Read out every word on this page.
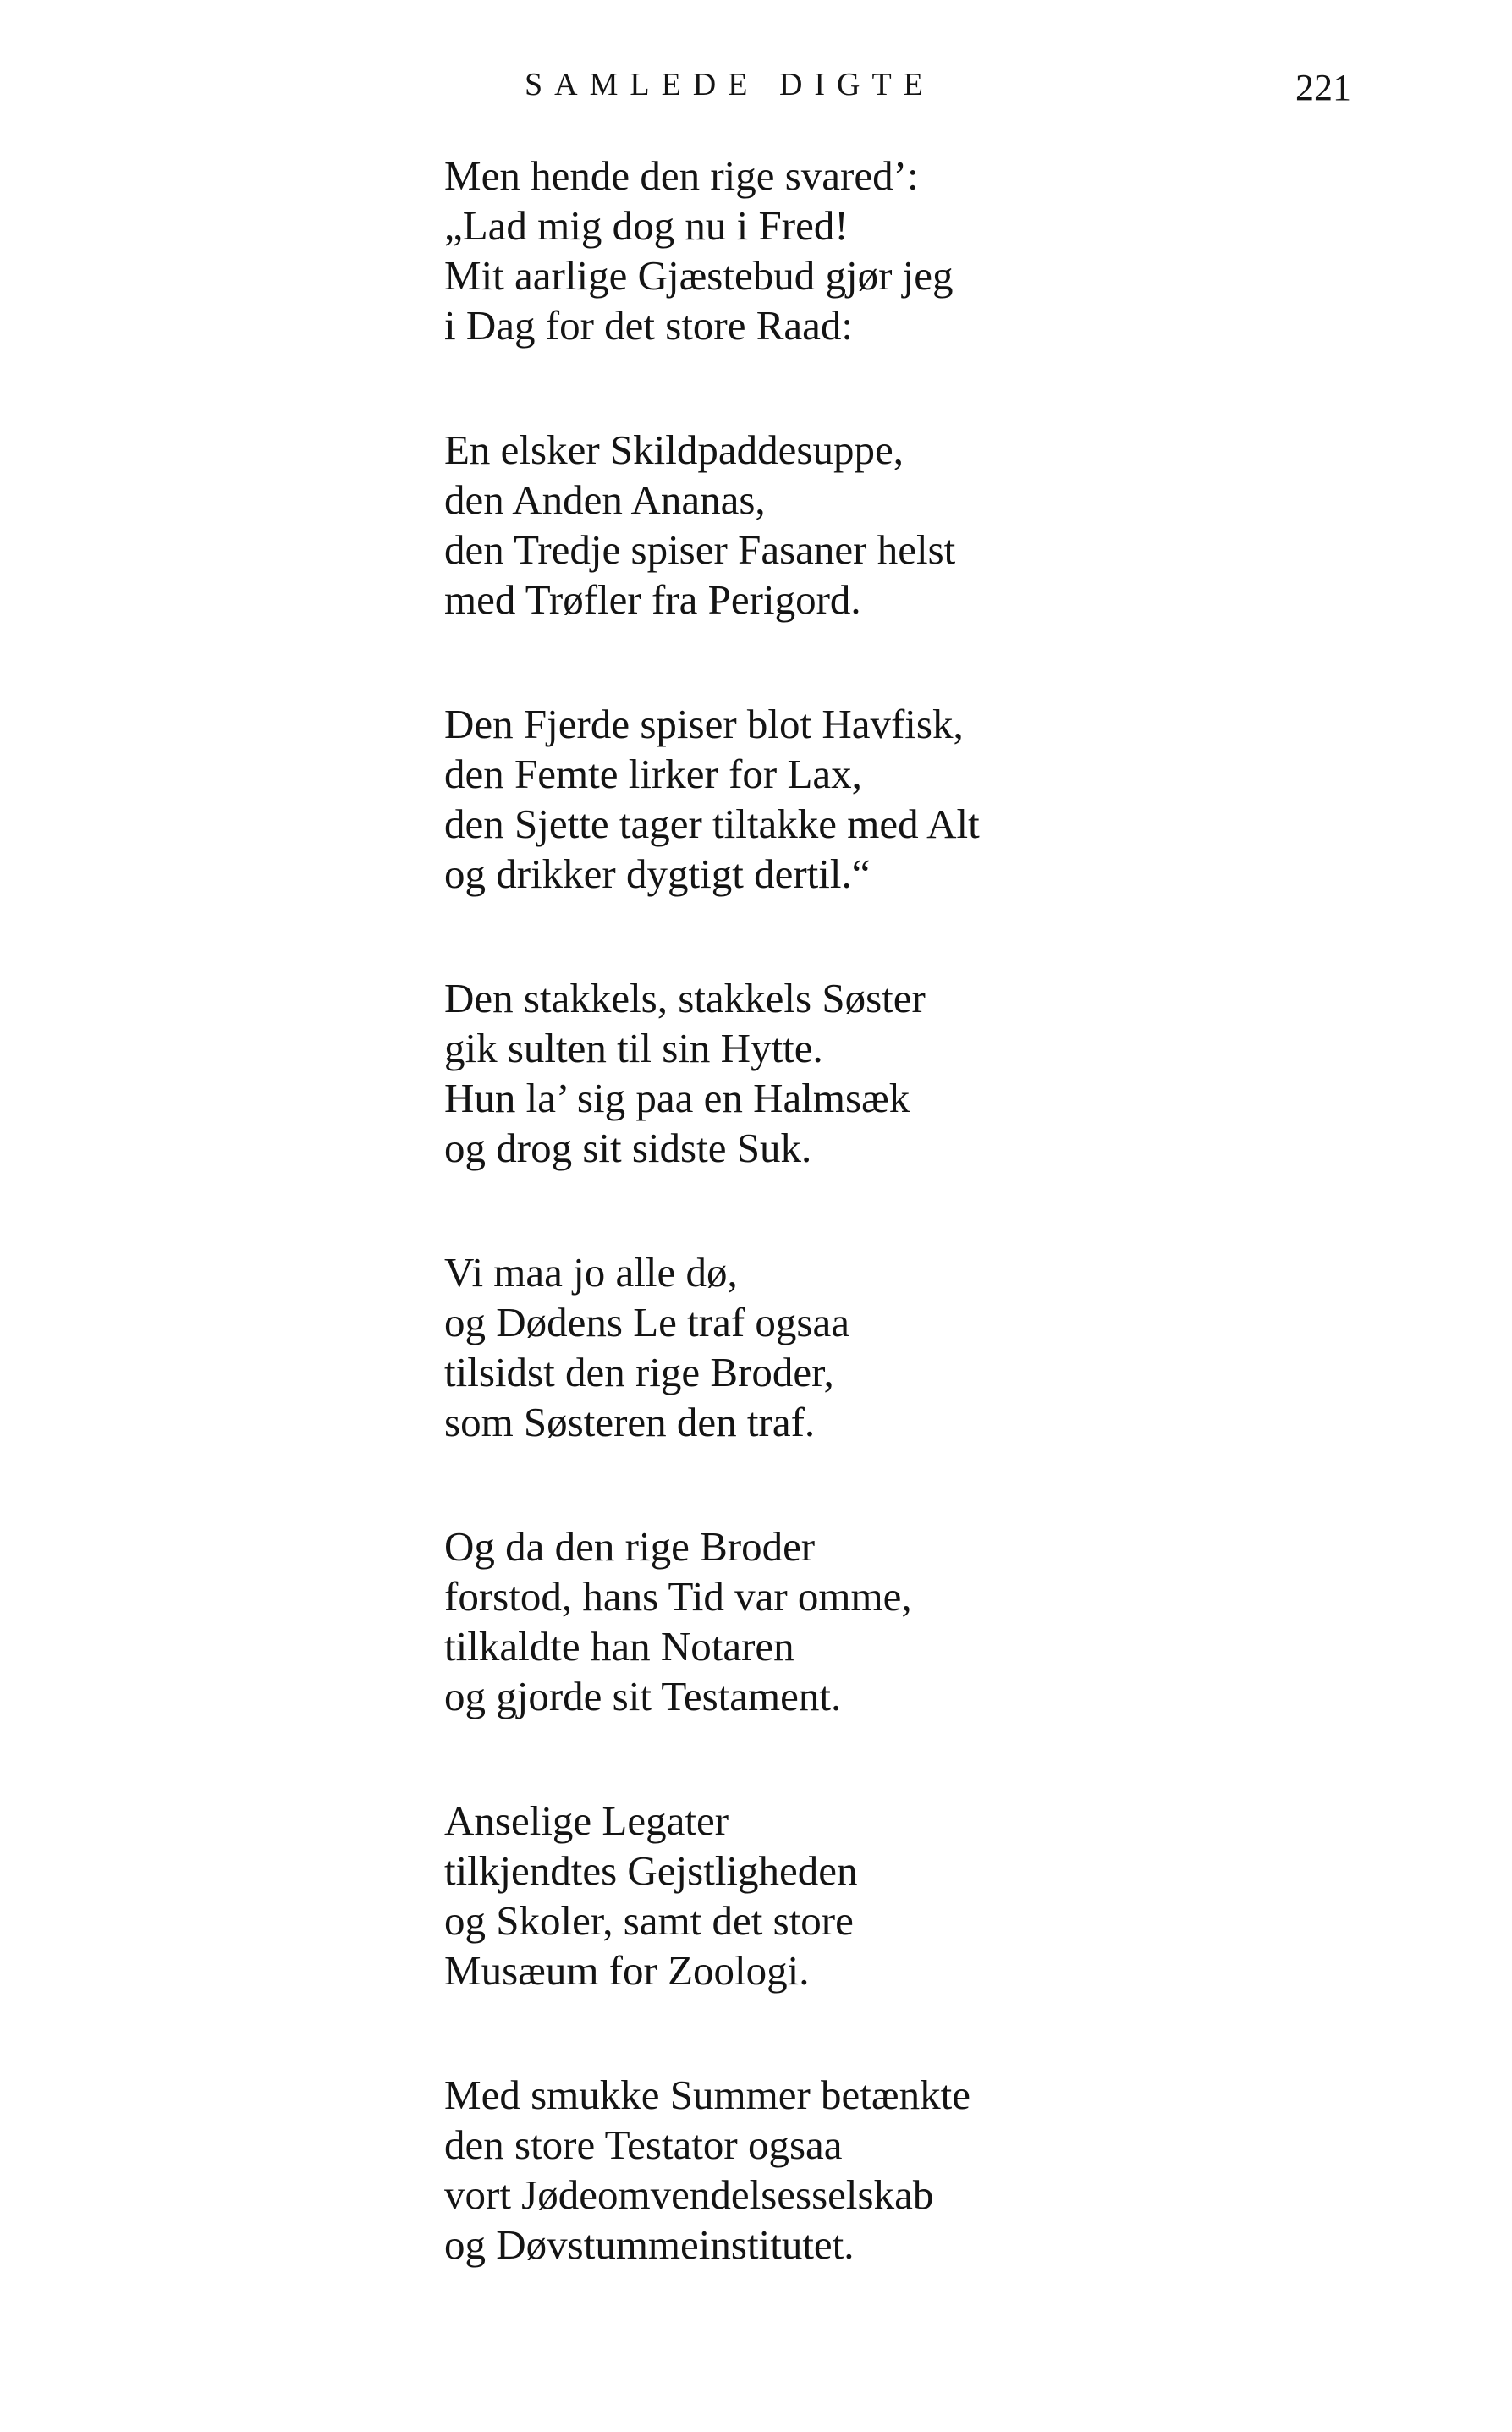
SAMLEDE DIGTE	221
Men hende den rige svared’:
„Lad mig dog nu i Fred!
Mit aarlige Gjæstebud gjør jeg
i Dag for det store Raad:
En elsker Skildpaddesuppe,
den Anden Ananas,
den Tredje spiser Fasaner helst
med Trøfler fra Perigord.
Den Fjerde spiser blot Havfisk,
den Femte lirker for Lax,
den Sjette tager tiltakke med Alt
og drikker dygtigt dertil.“
Den stakkels, stakkels Søster
gik sulten til sin Hytte.
Hun la’ sig paa en Halmsæk
og drog sit sidste Suk.
Vi maa jo alle dø,
og Dødens Le traf ogsaa
tilsidst den rige Broder,
som Søsteren den traf.
Og da den rige Broder
forstod, hans Tid var omme,
tilkaldte han Notaren
og gjorde sit Testament.
Anselige Legater
tilkjendtes Gejstligheden
og Skoler, samt det store
Musæum for Zoologi.
Med smukke Summer betænkte
den store Testator ogsaa
vort Jødeomvendelsesselskab
og Døvstummeinstitutet.
